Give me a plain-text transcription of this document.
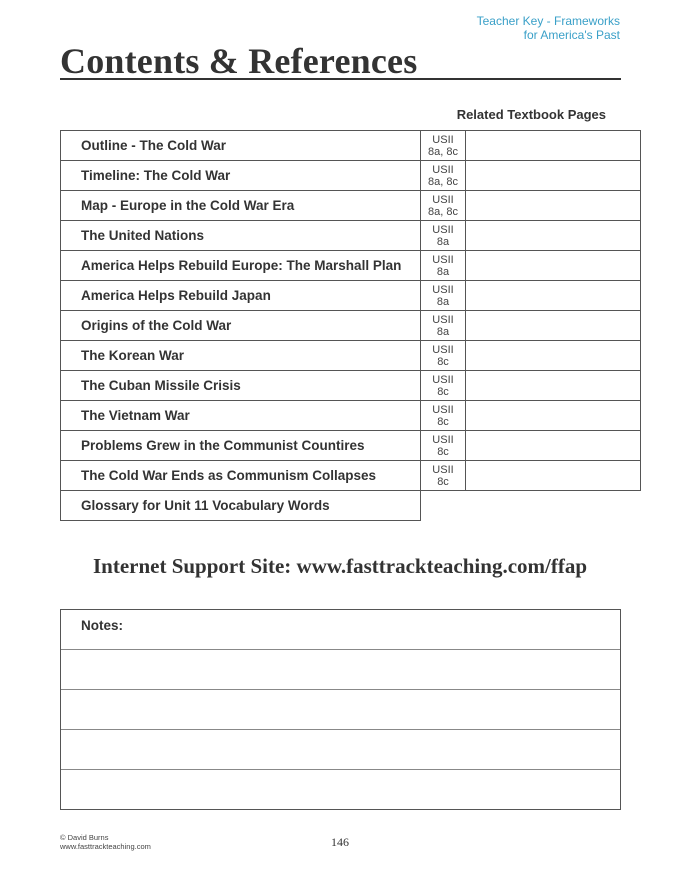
Teacher Key - Frameworks
for America's Past
Contents & References
Related Textbook Pages
Outline - The Cold War	USII
8a, 8c	

Timeline: The Cold War	USII
8a, 8c	

Map - Europe in the Cold War Era	USII
8a, 8c	

The United Nations	USII
8a	

America Helps Rebuild Europe: The Marshall Plan	USII
8a	

America Helps Rebuild Japan	USII
8a	

Origins of the Cold War	USII
8a	

The Korean War	USII
8c	

The Cuban Missile Crisis	USII
8c	

The Vietnam War	USII
8c	

Problems Grew in the Communist Countires	USII
8c	

The Cold War Ends as Communism Collapses	USII
8c	

Glossary for Unit 11 Vocabulary Words		
Internet Support Site: www.fasttrackteaching.com/ffap
Notes:
© David Burns
www.fasttrackteaching.com	146
